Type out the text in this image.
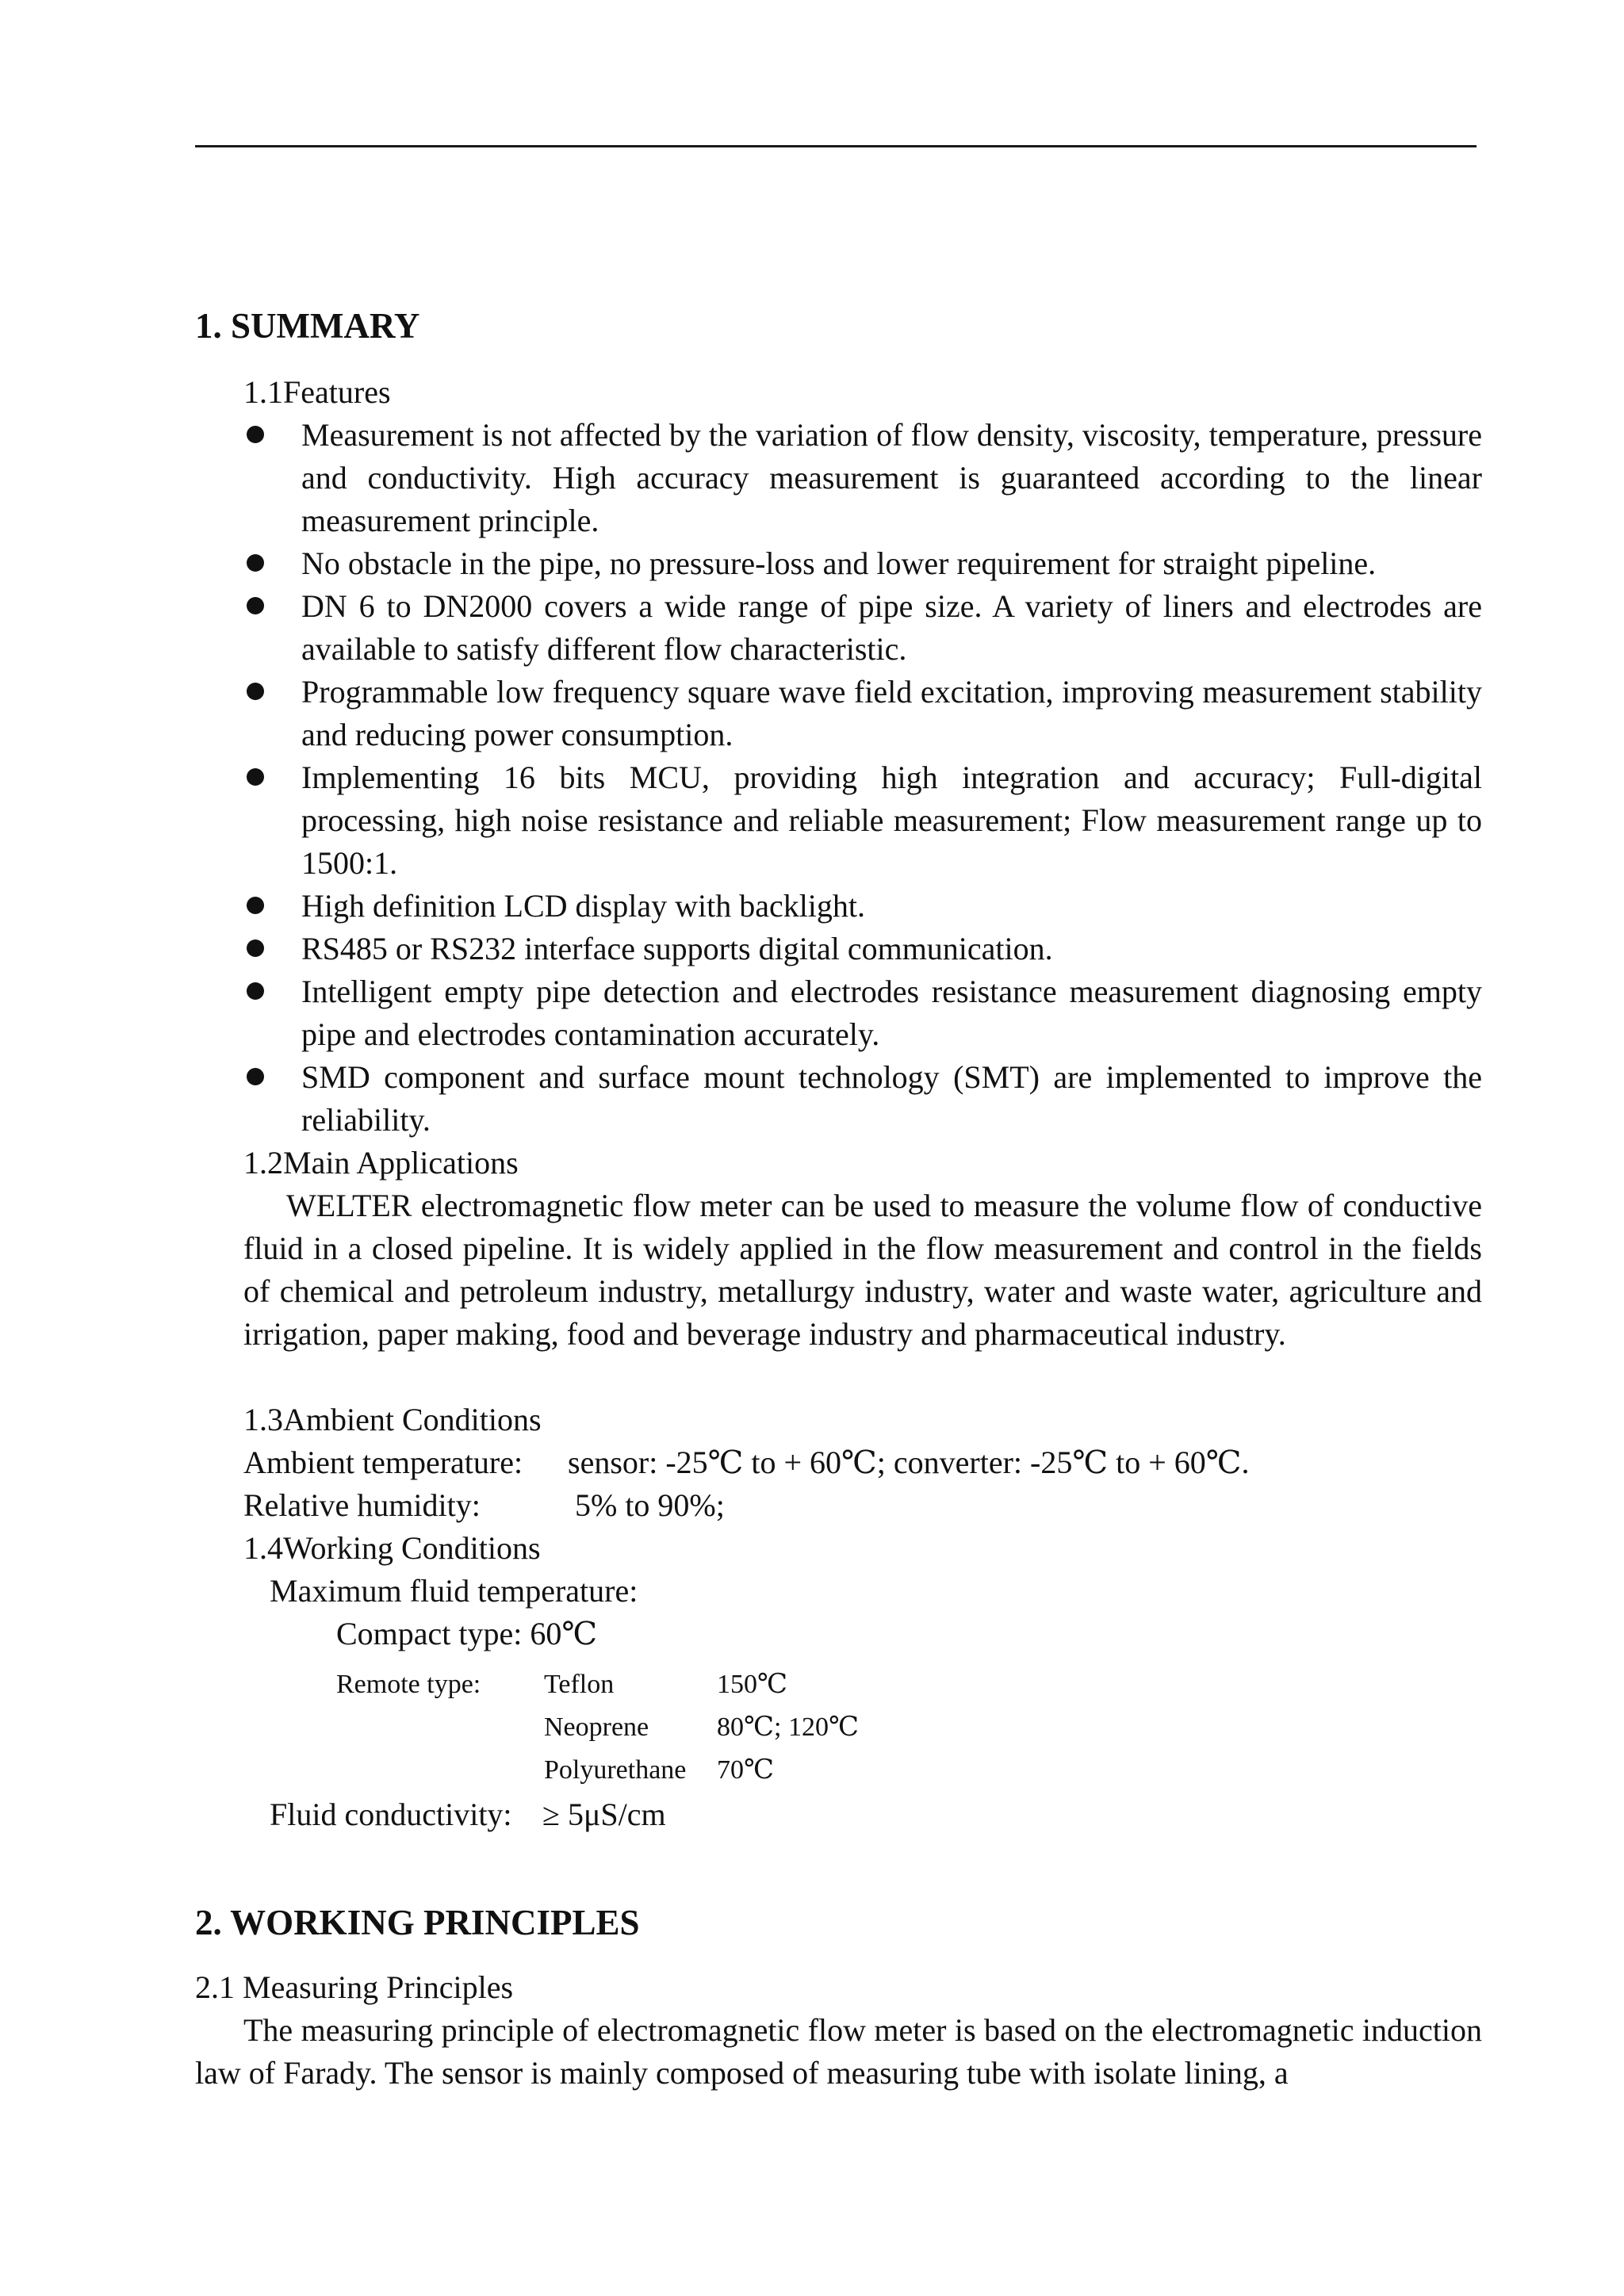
1. SUMMARY
1.1Features
Measurement is not affected by the variation of flow density, viscosity, temperature, pressure and conductivity. High accuracy measurement is guaranteed according to the linear measurement principle.
No obstacle in the pipe, no pressure-loss and lower requirement for straight pipeline.
DN 6 to DN2000 covers a wide range of pipe size. A variety of liners and electrodes are available to satisfy different flow characteristic.
Programmable low frequency square wave field excitation, improving measurement stability and reducing power consumption.
Implementing 16 bits MCU, providing high integration and accuracy; Full-digital processing, high noise resistance and reliable measurement; Flow measurement range up to 1500:1.
High definition LCD display with backlight.
RS485 or RS232 interface supports digital communication.
Intelligent empty pipe detection and electrodes resistance measurement diagnosing empty pipe and electrodes contamination accurately.
SMD component and surface mount technology (SMT) are implemented to improve the reliability.
1.2Main Applications
WELTER electromagnetic flow meter can be used to measure the volume flow of conductive fluid in a closed pipeline. It is widely applied in the flow measurement and control in the fields of chemical and petroleum industry, metallurgy industry, water and waste water, agriculture and irrigation, paper making, food and beverage industry and pharmaceutical industry.
1.3Ambient Conditions
Ambient temperature: sensor: -25℃ to + 60℃; converter: -25℃ to + 60℃.
Relative humidity:	5% to 90%;
1.4Working Conditions
Maximum fluid temperature:
Compact type: 60℃
Remote type: Teflon	150℃
Neoprene	80℃; 120℃
Polyurethane 70℃
Fluid conductivity: ≥ 5μS/cm
2. WORKING PRINCIPLES
2.1 Measuring Principles
The measuring principle of electromagnetic flow meter is based on the electromagnetic induction law of Farady. The sensor is mainly composed of measuring tube with isolate lining, a
